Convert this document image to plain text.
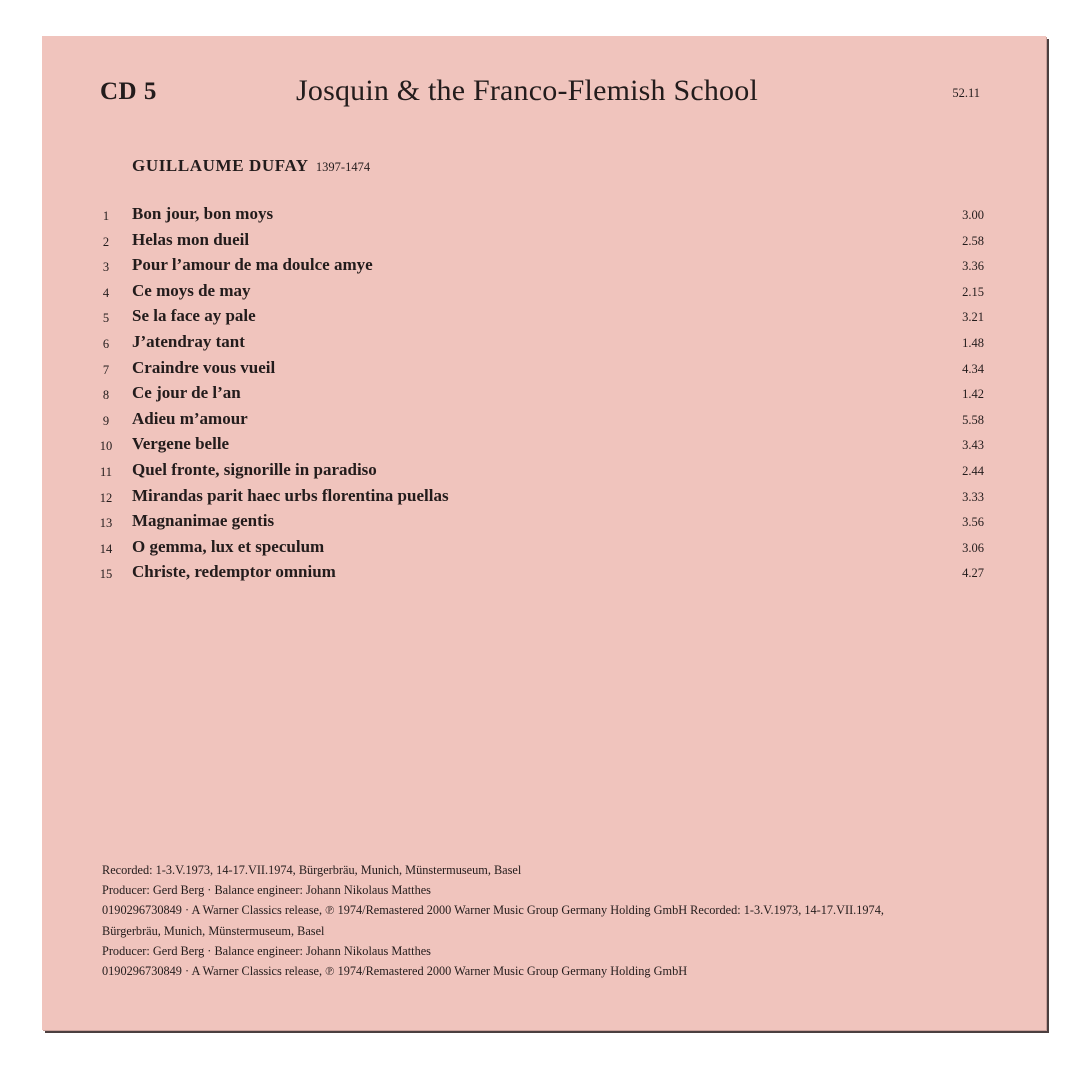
CD 5	Josquin & the Franco-Flemish School	52.11
GUILLAUME DUFAY 1397-1474
1 Bon jour, bon moys	3.00
2 Helas mon dueil	2.58
3 Pour l’amour de ma doulce amye	3.36
4 Ce moys de may	2.15
5 Se la face ay pale	3.21
6 J’atendray tant	1.48
7 Craindre vous vueil	4.34
8 Ce jour de l’an	1.42
9 Adieu m’amour	5.58
10 Vergene belle	3.43
11 Quel fronte, signorille in paradiso	2.44
12 Mirandas parit haec urbs florentina puellas	3.33
13 Magnanimae gentis	3.56
14 O gemma, lux et speculum	3.06
15 Christe, redemptor omnium	4.27

Recorded: 1-3.V.1973, 14-17.VII.1974, Bürgerbräu, Munich, Münstermuseum, Basel

Producer: Gerd Berg · Balance engineer: Johann Nikolaus Matthes

0190296730849 · A Warner Classics release, ℗ 1974/Remastered 2000 Warner Music Group Germany Holding GmbH Recorded: 1-3.V.1973, 14-17.VII.1974,

Bürgerbräu, Munich, Münstermuseum, Basel

Producer: Gerd Berg · Balance engineer: Johann Nikolaus Matthes

0190296730849 · A Warner Classics release, ℗ 1974/Remastered 2000 Warner Music Group Germany Holding GmbH
